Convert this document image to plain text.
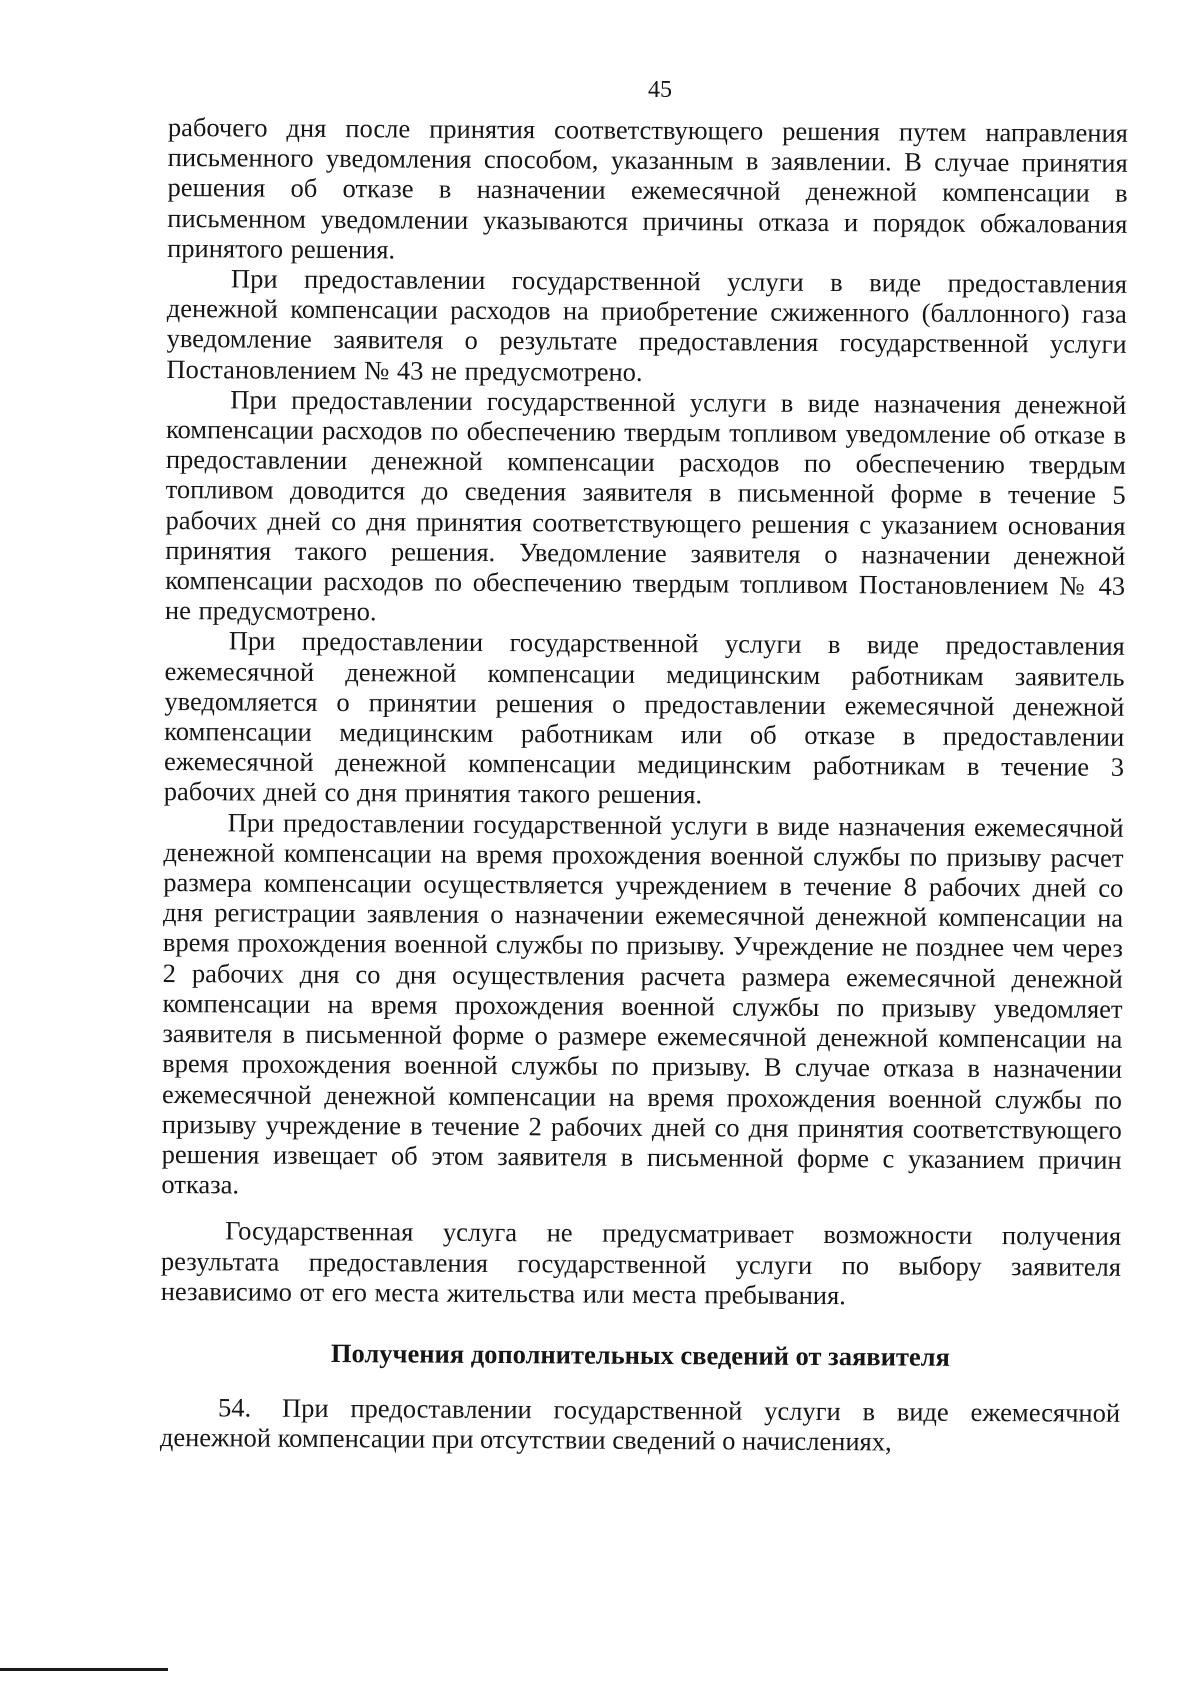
45

рабочего дня после принятия соответствующего решения путем направления письменного уведомления способом, указанным в заявлении. В случае принятия решения об отказе в назначении ежемесячной денежной компенсации в письменном уведомлении указываются причины отказа и порядок обжалования принятого решения.

При предоставлении государственной услуги в виде предоставления денежной компенсации расходов на приобретение сжиженного (баллонного) газа уведомление заявителя о результате предоставления государственной услуги Постановлением № 43 не предусмотрено.

При предоставлении государственной услуги в виде назначения денежной компенсации расходов по обеспечению твердым топливом уведомление об отказе в предоставлении денежной компенсации расходов по обеспечению твердым топливом доводится до сведения заявителя в письменной форме в течение 5 рабочих дней со дня принятия соответствующего решения с указанием основания принятия такого решения. Уведомление заявителя о назначении денежной компенсации расходов по обеспечению твердым топливом Постановлением № 43 не предусмотрено.

При предоставлении государственной услуги в виде предоставления ежемесячной денежной компенсации медицинским работникам заявитель уведомляется о принятии решения о предоставлении ежемесячной денежной компенсации медицинским работникам или об отказе в предоставлении ежемесячной денежной компенсации медицинским работникам в течение 3 рабочих дней со дня принятия такого решения.

При предоставлении государственной услуги в виде назначения ежемесячной денежной компенсации на время прохождения военной службы по призыву расчет размера компенсации осуществляется учреждением в течение 8 рабочих дней со дня регистрации заявления о назначении ежемесячной денежной компенсации на время прохождения военной службы по призыву. Учреждение не позднее чем через 2 рабочих дня со дня осуществления расчета размера ежемесячной денежной компенсации на время прохождения военной службы по призыву уведомляет заявителя в письменной форме о размере ежемесячной денежной компенсации на время прохождения военной службы по призыву. В случае отказа в назначении ежемесячной денежной компенсации на время прохождения военной службы по призыву учреждение в течение 2 рабочих дней со дня принятия соответствующего решения извещает об этом заявителя в письменной форме с указанием причин отказа.

Государственная услуга не предусматривает возможности получения результата предоставления государственной услуги по выбору заявителя независимо от его места жительства или места пребывания.

Получения дополнительных сведений от заявителя

54. При предоставлении государственной услуги в виде ежемесячной денежной компенсации при отсутствии сведений о начислениях,
